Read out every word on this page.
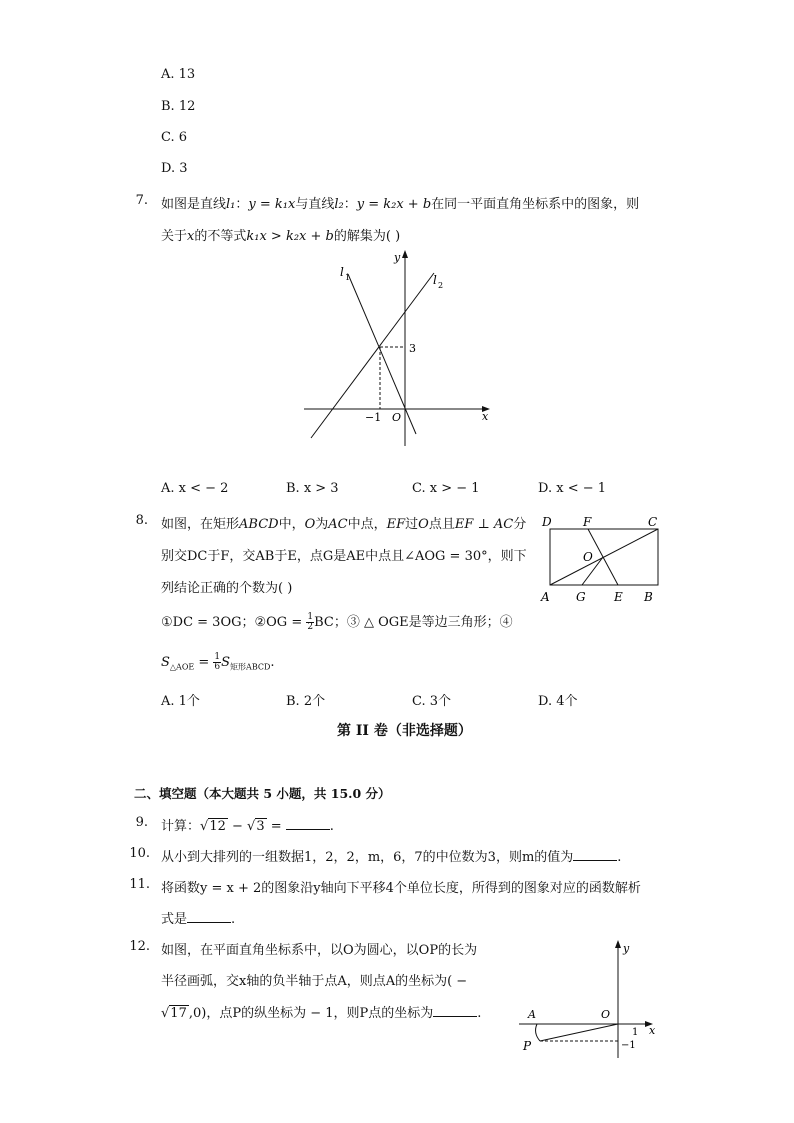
A. 13
B. 12
C. 6
D. 3
7. 如图是直线l₁：y = k₁x与直线l₂：y = k₂x + b在同一平面直角坐标系中的图象，则
关于x的不等式k₁x > k₂x + b的解集为( )
l 1	l 2
y
x
3
−1 O
A. x < − 2	B. x > 3	C. x > − 1	D. x < − 1
8. 如图，在矩形ABCD中，O为AC中点，EF过O点且EF ⊥ AC分
别交DC于F，交AB于E，点G是AE中点且∠AOG = 30°，则下
列结论正确的个数为( )
①DC = 3OG；②OG = $\frac{1}{2}$ BC；③ △ OGE是等边三角形；④
$S_{\triangle AOE} = \frac{1}{6} S_{矩形ABCD}$.
D	F	C
O
A G E B
A. 1个	B. 2个	C. 3个	D. 4个
第 II 卷（非选择题）
二、填空题（本大题共 5 小题，共 15.0 分）
9. 计算：√12 − √3 =	.
10. 从小到大排列的一组数据1，2，2，m，6，7的中位数为3，则m的值为	.
11. 将函数y = x + 2的图象沿y轴向下平移4个单位长度，所得到的图象对应的函数解析
式是	.
12. 如图，在平面直角坐标系中，以O为圆心，以OP的长为
半径画弧，交x轴的负半轴于点A，则点A的坐标为( −
√17 ,0)，点P的纵坐标为 − 1，则P点的坐标为	.
y
x
O
A
P
1
−1
